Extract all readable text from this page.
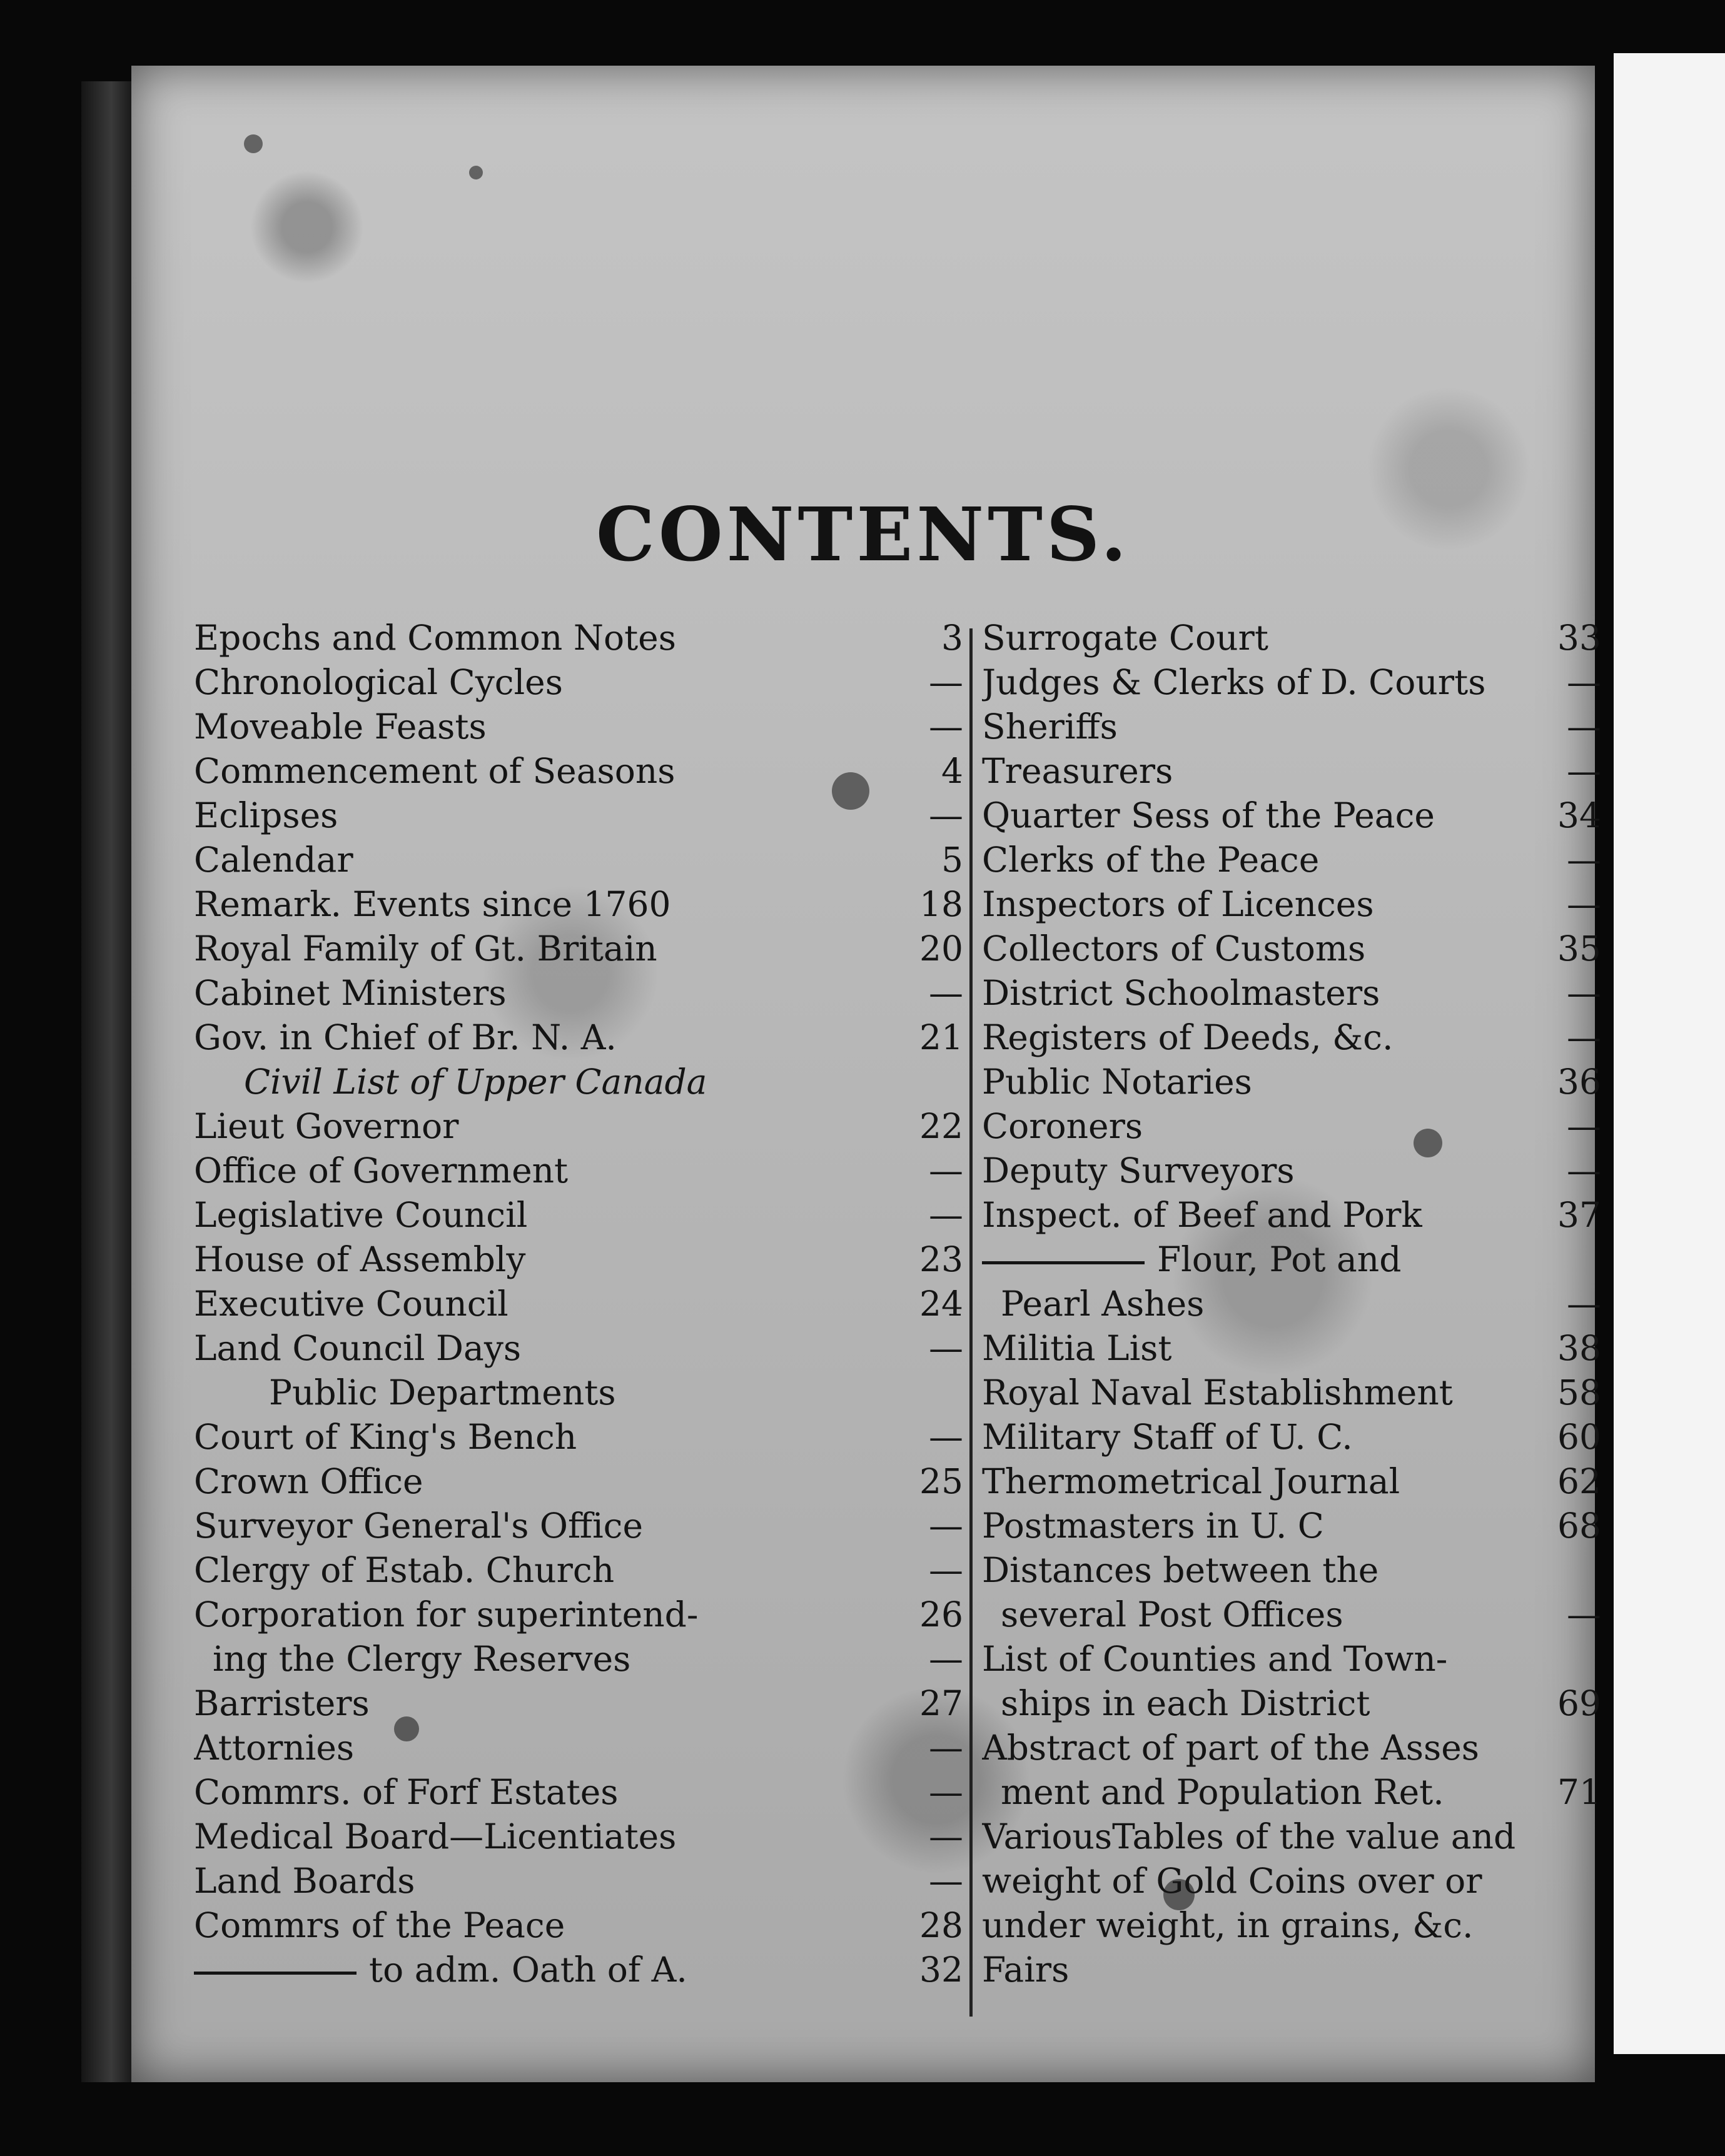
CONTENTS.
Epochs and Common Notes	3
Chronological Cycles	—
Moveable Feasts	—
Commencement of Seasons	4
Eclipses	—
Calendar	5
Remark. Events since 1760	18
Royal Family of Gt. Britain	20
Cabinet Ministers	—
Gov. in Chief of Br. N. A.	21
Civil List of Upper Canada
Lieut Governor	22
Office of Government	—
Legislative Council	—
House of Assembly	23
Executive Council	24
Land Council Days	—
Public Departments
Court of King's Bench	—
Crown Office	25
Surveyor General's Office	—
Clergy of Estab. Church	—
Corporation for superintend-	26
ing the Clergy Reserves	—
Barristers	27
Attornies	—
Commrs. of Forf Estates	—
Medical Board—Licentiates	—
Land Boards	—
Commrs of the Peace	28
to adm. Oath of A.	32
Surrogate Court	33
Judges & Clerks of D. Courts	—
Sheriffs	—
Treasurers	—
Quarter Sess of the Peace	34
Clerks of the Peace	—
Inspectors of Licences	—
Collectors of Customs	35
District Schoolmasters	—
Registers of Deeds, &c.	—
Public Notaries	36
Coroners	—
Deputy Surveyors	—
Inspect. of Beef and Pork	37
Flour, Pot and
Pearl Ashes	—
Militia List	38
Royal Naval Establishment	58
Military Staff of U. C.	60
Thermometrical Journal	62
Postmasters in U. C	68
Distances between the
several Post Offices	—
List of Counties and Town-
ships in each District	69
Abstract of part of the Asses
ment and Population Ret.	71
VariousTables of the value and
weight of Gold Coins over or
under weight, in grains, &c.
Fairs
